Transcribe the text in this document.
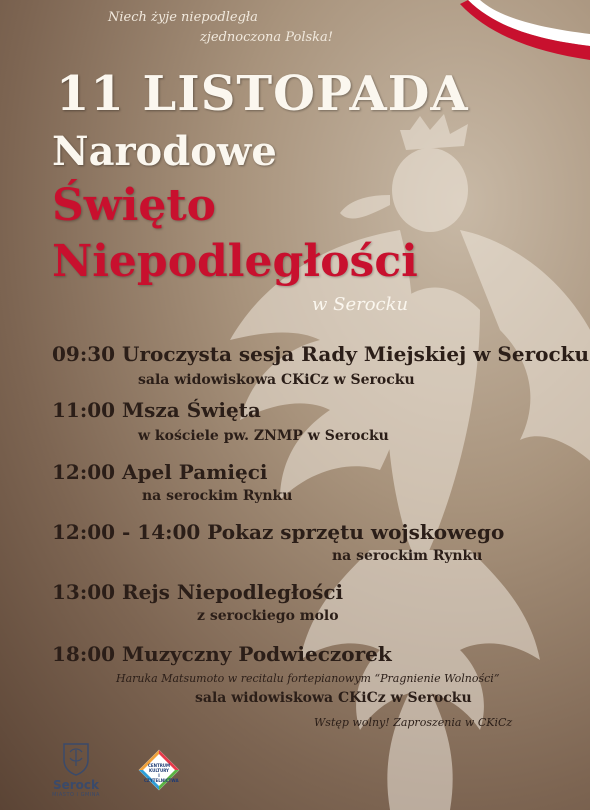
Niech żyje niepodległa
zjednoczona Polska!
11 LISTOPADA
Narodowe
Święto
Niepodległości
w Serocku
09:30 Uroczysta sesja Rady Miejskiej w Serocku
sala widowiskowa CKiCz w Serocku
11:00 Msza Święta
w kościele pw. ZNMP w Serocku
12:00 Apel Pamięci
na serockim Rynku
12:00 - 14:00 Pokaz sprzętu wojskowego
na serockim Rynku
13:00 Rejs Niepodległości
z serockiego molo
18:00 Muzyczny Podwieczorek
Haruka Matsumoto w recitalu fortepianowym “Pragnienie Wolności”
sala widowiskowa CKiCz w Serocku
Wstęp wolny! Zaproszenia w CKiCz
Serock
MIASTO I GMINA
CENTRUM
KULTURY
I CZYTELNICTWA
